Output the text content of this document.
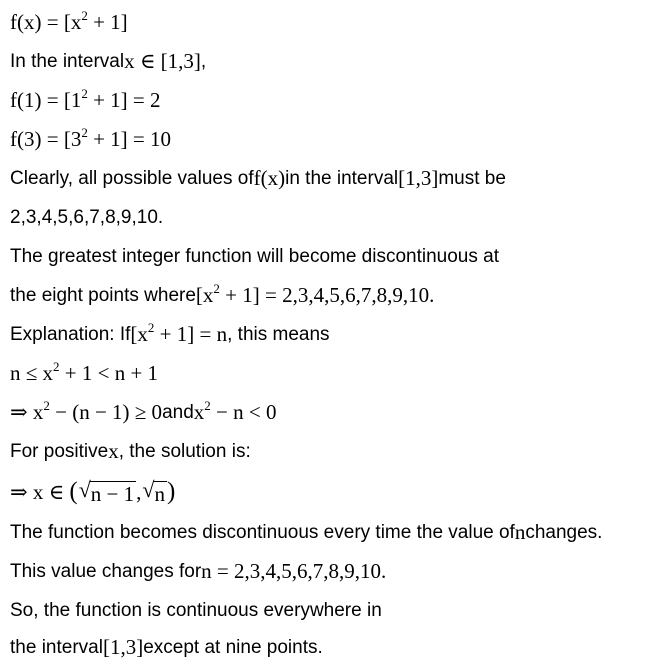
$f(x) = [x^2 + 1]$
In the interval x ∈ [1,3] ,
$f(1) = [1^2 + 1] = 2$
$f(3) = [3^2 + 1] = 10$
Clearly, all possible values of f(x) in the interval [1,3] must be
2,3,4,5,6,7,8,9,10.
The greatest integer function will become discontinuous at
the eight points where $[x^2 + 1] = 2,3,4,5,6,7,8,9,10$.
Explanation: If $[x^2 + 1] = n$ , this means
$n \le x^2 + 1 < n + 1$
⇒ $x^2 - (n - 1) \ge 0$ and $x^2 - n < 0$
For positive x , the solution is:
⇒ x ∈ ( √ n − 1 , √ n )
The function becomes discontinuous every time the value of n changes.
This value changes for n = 2,3,4,5,6,7,8,9,10.
So, the function is continuous everywhere in
the interval [1,3] except at nine points.
